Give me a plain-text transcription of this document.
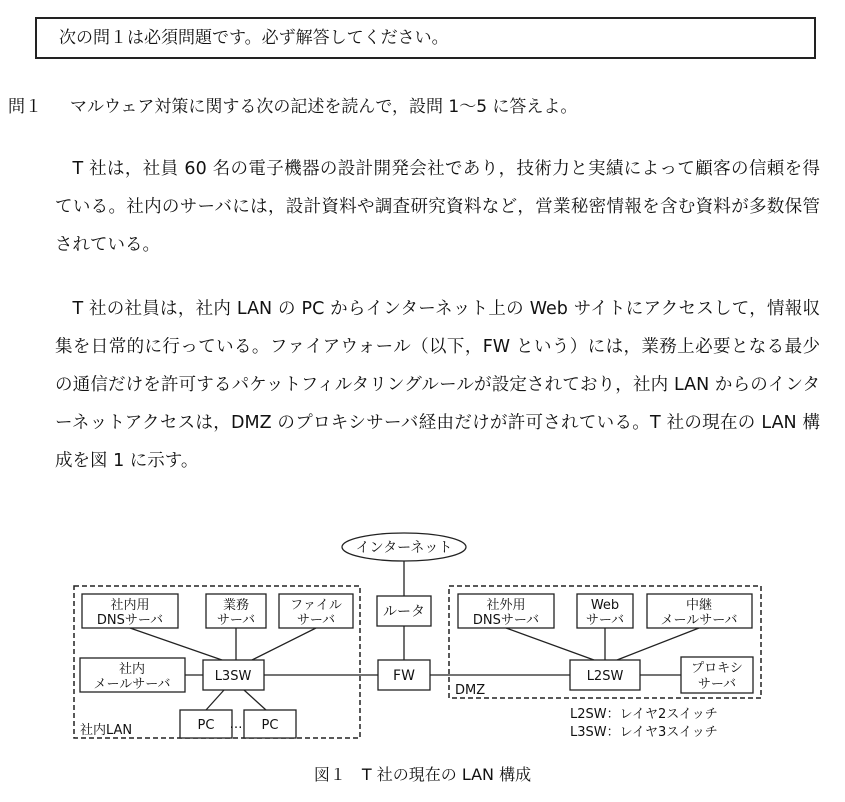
次の問１は必須問題です。必ず解答してください。
問１ マルウェア対策に関する次の記述を読んで，設問 1〜5 に答えよ。

T 社は，社員 60 名の電子機器の設計開発会社であり，技術力と実績によって顧客の信頼を得ている。社内のサーバには，設計資料や調査研究資料など，営業秘密情報を含む資料が多数保管されている。

T 社の社員は，社内 LAN の PC からインターネット上の Web サイトにアクセスして，情報収集を日常的に行っている。ファイアウォール（以下，FW という）には，業務上必要となる最少の通信だけを許可するパケットフィルタリングルールが設定されており，社内 LAN からのインターネットアクセスは，DMZ のプロキシサーバ経由だけが許可されている。T 社の現在の LAN 構成を図 1 に示す。

インターネット
ルータ
FW
社内用
DNSサーバ
業務
サーバ
ファイル
サーバ
社内
メールサーバ
L3SW
PC … PC
社内LAN
社外用
DNSサーバ
Web
サーバ
中継
メールサーバ
L2SW
プロキシ
サーバ
DMZ
L2SW：レイヤ2スイッチ
L3SW：レイヤ3スイッチ
図１　T 社の現在の LAN 構成
